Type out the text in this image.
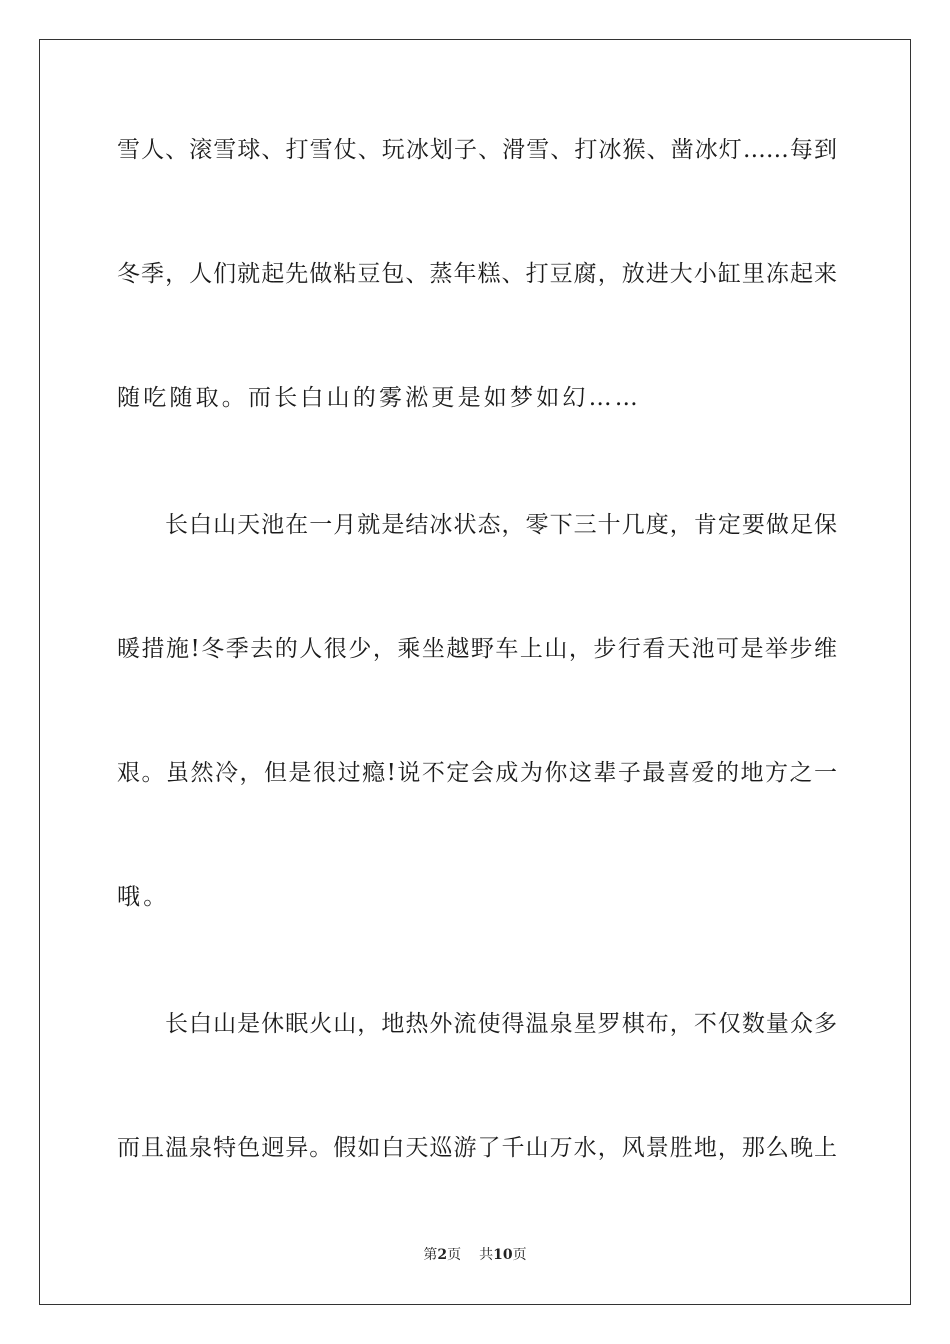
雪人、滚雪球、打雪仗、玩冰划子、滑雪、打冰猴、凿冰灯……每到
冬季，人们就起先做粘豆包、蒸年糕、打豆腐，放进大小缸里冻起来
随吃随取。而长白山的雾淞更是如梦如幻……
长白山天池在一月就是结冰状态，零下三十几度，肯定要做足保
暖措施!冬季去的人很少，乘坐越野车上山，步行看天池可是举步维
艰。虽然冷，但是很过瘾!说不定会成为你这辈子最喜爱的地方之一
哦。
长白山是休眠火山，地热外流使得温泉星罗棋布，不仅数量众多
而且温泉特色迥异。假如白天巡游了千山万水，风景胜地，那么晚上
第2页 共10页
